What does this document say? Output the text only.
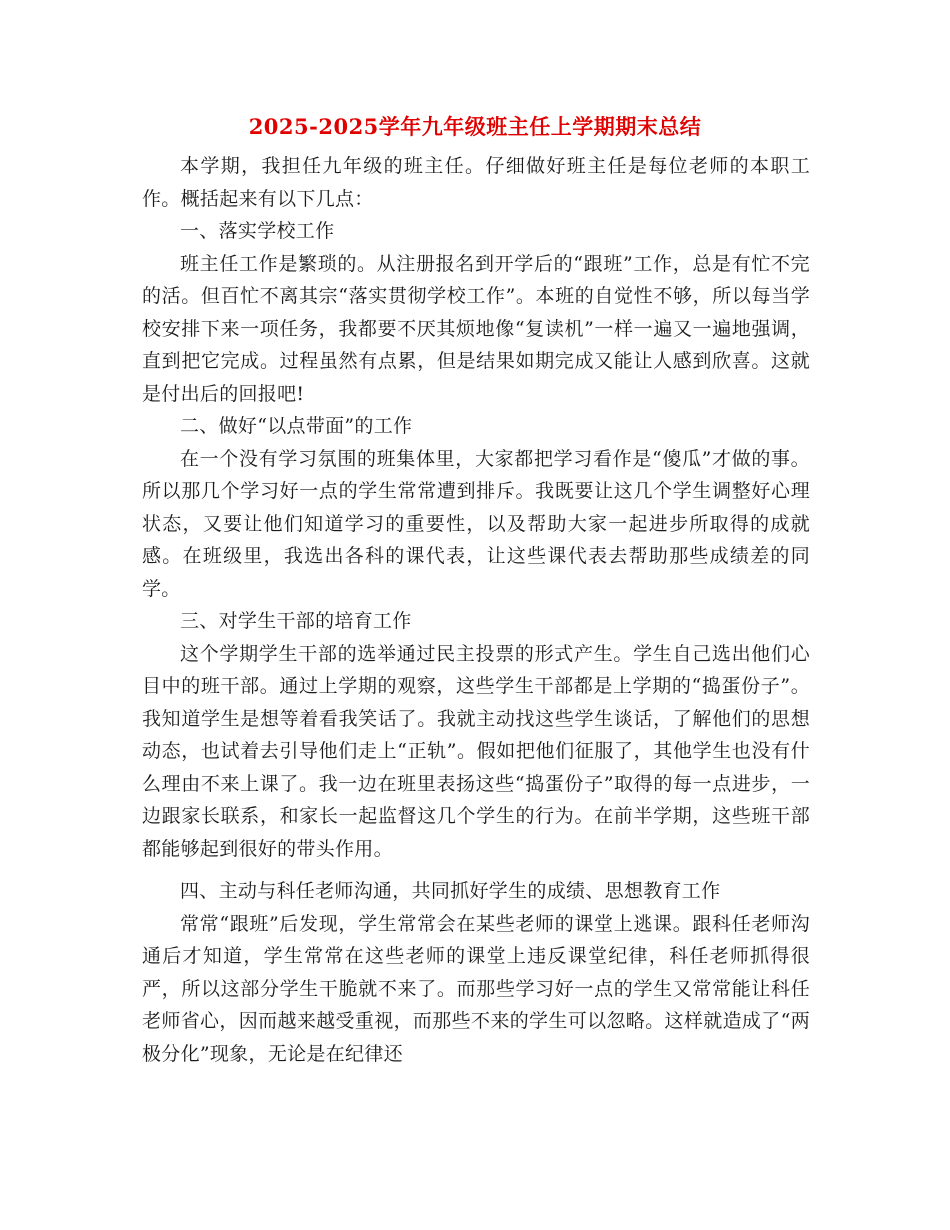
2025-2025学年九年级班主任上学期期末总结

本学期，我担任九年级的班主任。仔细做好班主任是每位老师的本职工作。概括起来有以下几点：

一、落实学校工作

班主任工作是繁琐的。从注册报名到开学后的“跟班”工作，总是有忙不完的活。但百忙不离其宗“落实贯彻学校工作”。本班的自觉性不够，所以每当学校安排下来一项任务，我都要不厌其烦地像“复读机”一样一遍又一遍地强调，直到把它完成。过程虽然有点累，但是结果如期完成又能让人感到欣喜。这就是付出后的回报吧!

二、做好“以点带面”的工作

在一个没有学习氛围的班集体里，大家都把学习看作是“傻瓜”才做的事。所以那几个学习好一点的学生常常遭到排斥。我既要让这几个学生调整好心理状态，又要让他们知道学习的重要性，以及帮助大家一起进步所取得的成就感。在班级里，我选出各科的课代表，让这些课代表去帮助那些成绩差的同学。

三、对学生干部的培育工作

这个学期学生干部的选举通过民主投票的形式产生。学生自己选出他们心目中的班干部。通过上学期的观察，这些学生干部都是上学期的“捣蛋份子”。我知道学生是想等着看我笑话了。我就主动找这些学生谈话，了解他们的思想动态，也试着去引导他们走上“正轨”。假如把他们征服了，其他学生也没有什么理由不来上课了。我一边在班里表扬这些“捣蛋份子”取得的每一点进步，一边跟家长联系，和家长一起监督这几个学生的行为。在前半学期，这些班干部都能够起到很好的带头作用。

四、主动与科任老师沟通，共同抓好学生的成绩、思想教育工作

常常“跟班”后发现，学生常常会在某些老师的课堂上逃课。跟科任老师沟通后才知道，学生常常在这些老师的课堂上违反课堂纪律，科任老师抓得很严，所以这部分学生干脆就不来了。而那些学习好一点的学生又常常能让科任老师省心，因而越来越受重视，而那些不来的学生可以忽略。这样就造成了“两极分化”现象，无论是在纪律还
